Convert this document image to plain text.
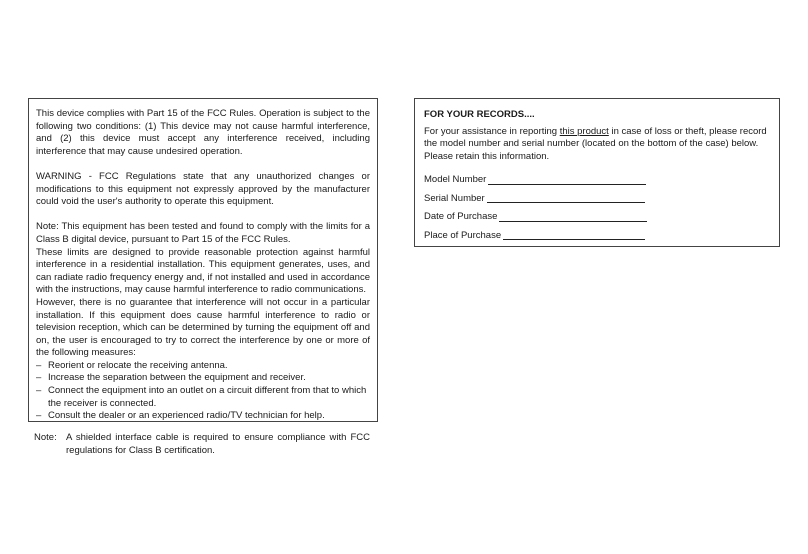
This device complies with Part 15 of the FCC Rules. Operation is subject to the following two conditions: (1) This device may not cause harmful interference, and (2) this device must accept any interference received, including interference that may cause undesired operation.

WARNING - FCC Regulations state that any unauthorized changes or modifications to this equipment not expressly approved by the manufacturer could void the user's authority to operate this equipment.

Note: This equipment has been tested and found to comply with the limits for a Class B digital device, pursuant to Part 15 of the FCC Rules.

These limits are designed to provide reasonable protection against harmful interference in a residential installation. This equipment generates, uses, and can radiate radio frequency energy and, if not installed and used in accordance with the instructions, may cause harmful interference to radio communications.

However, there is no guarantee that interference will not occur in a particular installation. If this equipment does cause harmful interference to radio or television reception, which can be determined by turning the equipment off and on, the user is encouraged to try to correct the interference by one or more of the following measures:

– Reorient or relocate the receiving antenna.
– Increase the separation between the equipment and receiver.
– Connect the equipment into an outlet on a circuit different from that to which the receiver is connected.
– Consult the dealer or an experienced radio/TV technician for help.
Note: A shielded interface cable is required to ensure compliance with FCC regulations for Class B certification.
FOR YOUR RECORDS....
For your assistance in reporting this product in case of loss or theft, please record the model number and serial number (located on the bottom of the case) below. Please retain this information.
Model Number
Serial Number
Date of Purchase
Place of Purchase
